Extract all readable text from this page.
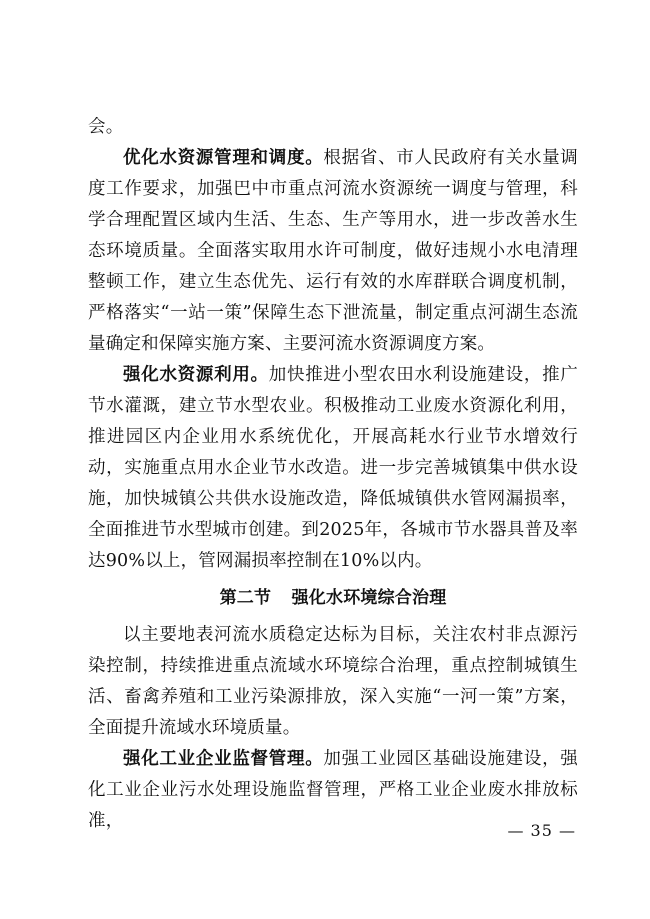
会。

优化水资源管理和调度。根据省、市人民政府有关水量调度工作要求，加强巴中市重点河流水资源统一调度与管理，科学合理配置区域内生活、生态、生产等用水，进一步改善水生态环境质量。全面落实取用水许可制度，做好违规小水电清理整顿工作，建立生态优先、运行有效的水库群联合调度机制，严格落实“一站一策”保障生态下泄流量，制定重点河湖生态流量确定和保障实施方案、主要河流水资源调度方案。

强化水资源利用。加快推进小型农田水利设施建设，推广节水灌溉，建立节水型农业。积极推动工业废水资源化利用，推进园区内企业用水系统优化，开展高耗水行业节水增效行动，实施重点用水企业节水改造。进一步完善城镇集中供水设施，加快城镇公共供水设施改造，降低城镇供水管网漏损率，全面推进节水型城市创建。到2025年，各城市节水器具普及率达90%以上，管网漏损率控制在10%以内。

第二节 强化水环境综合治理

以主要地表河流水质稳定达标为目标，关注农村非点源污染控制，持续推进重点流域水环境综合治理，重点控制城镇生活、畜禽养殖和工业污染源排放，深入实施“一河一策”方案，全面提升流域水环境质量。

强化工业企业监督管理。加强工业园区基础设施建设，强化工业企业污水处理设施监督管理，严格工业企业废水排放标准，	— 35 —
